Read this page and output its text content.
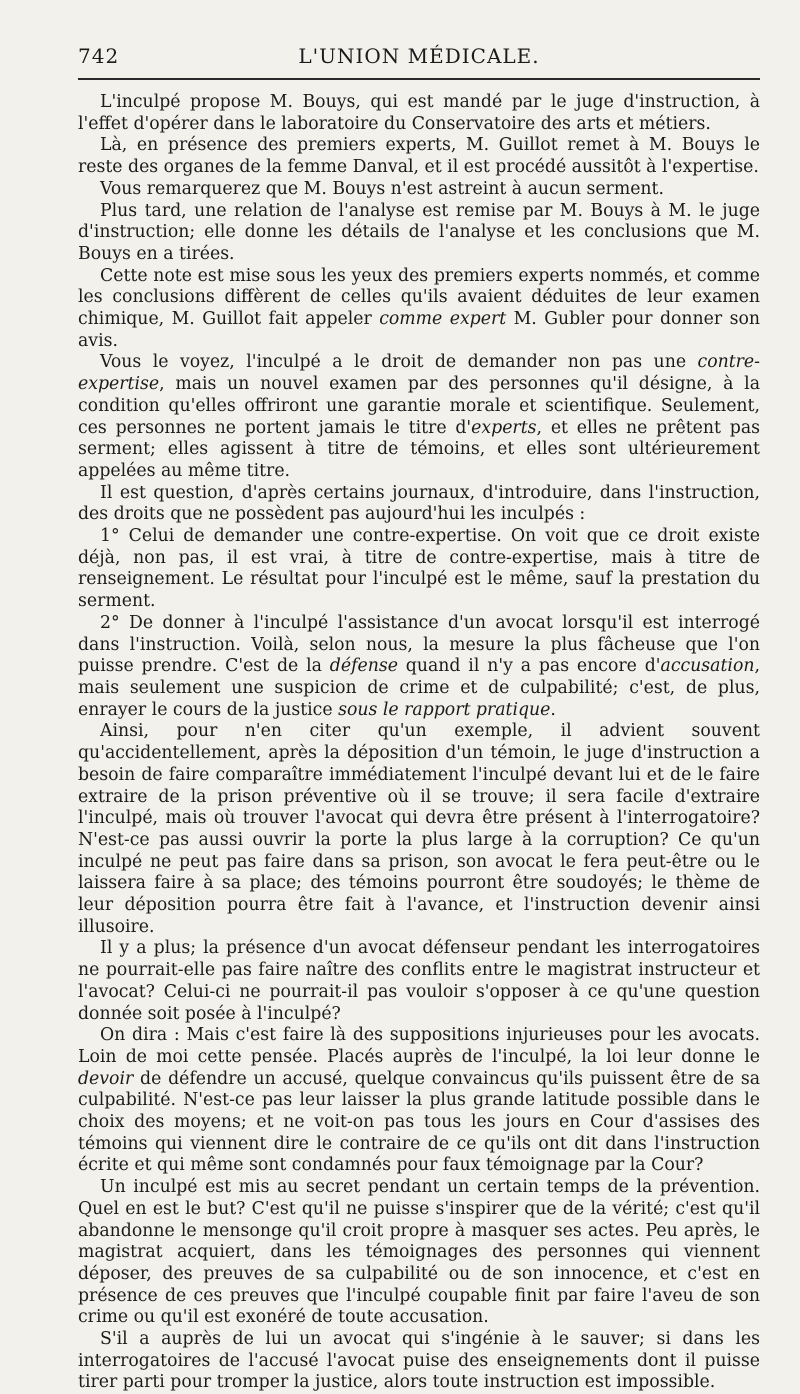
742	L'UNION MÉDICALE.

L'inculpé propose M. Bouys, qui est mandé par le juge d'instruction, à l'effet d'opérer dans le laboratoire du Conservatoire des arts et métiers.

Là, en présence des premiers experts, M. Guillot remet à M. Bouys le reste des organes de la femme Danval, et il est procédé aussitôt à l'expertise.

Vous remarquerez que M. Bouys n'est astreint à aucun serment.

Plus tard, une relation de l'analyse est remise par M. Bouys à M. le juge d'instruction; elle donne les détails de l'analyse et les conclusions que M. Bouys en a tirées.

Cette note est mise sous les yeux des premiers experts nommés, et comme les conclusions diffèrent de celles qu'ils avaient déduites de leur examen chimique, M. Guillot fait appeler comme expert M. Gubler pour donner son avis.

Vous le voyez, l'inculpé a le droit de demander non pas une contre-expertise, mais un nouvel examen par des personnes qu'il désigne, à la condition qu'elles offriront une garantie morale et scientifique. Seulement, ces personnes ne portent jamais le titre d'experts, et elles ne prêtent pas serment; elles agissent à titre de témoins, et elles sont ultérieurement appelées au même titre.

Il est question, d'après certains journaux, d'introduire, dans l'instruction, des droits que ne possèdent pas aujourd'hui les inculpés :

1° Celui de demander une contre-expertise. On voit que ce droit existe déjà, non pas, il est vrai, à titre de contre-expertise, mais à titre de renseignement. Le résultat pour l'inculpé est le même, sauf la prestation du serment.

2° De donner à l'inculpé l'assistance d'un avocat lorsqu'il est interrogé dans l'instruction. Voilà, selon nous, la mesure la plus fâcheuse que l'on puisse prendre. C'est de la défense quand il n'y a pas encore d'accusation, mais seulement une suspicion de crime et de culpabilité; c'est, de plus, enrayer le cours de la justice sous le rapport pratique.

Ainsi, pour n'en citer qu'un exemple, il advient souvent qu'accidentellement, après la déposition d'un témoin, le juge d'instruction a besoin de faire comparaître immédiatement l'inculpé devant lui et de le faire extraire de la prison préventive où il se trouve; il sera facile d'extraire l'inculpé, mais où trouver l'avocat qui devra être présent à l'interrogatoire? N'est-ce pas aussi ouvrir la porte la plus large à la corruption? Ce qu'un inculpé ne peut pas faire dans sa prison, son avocat le fera peut-être ou le laissera faire à sa place; des témoins pourront être soudoyés; le thème de leur déposition pourra être fait à l'avance, et l'instruction devenir ainsi illusoire.

Il y a plus; la présence d'un avocat défenseur pendant les interrogatoires ne pourrait-elle pas faire naître des conflits entre le magistrat instructeur et l'avocat? Celui-ci ne pourrait-il pas vouloir s'opposer à ce qu'une question donnée soit posée à l'inculpé?

On dira : Mais c'est faire là des suppositions injurieuses pour les avocats. Loin de moi cette pensée. Placés auprès de l'inculpé, la loi leur donne le devoir de défendre un accusé, quelque convaincus qu'ils puissent être de sa culpabilité. N'est-ce pas leur laisser la plus grande latitude possible dans le choix des moyens; et ne voit-on pas tous les jours en Cour d'assises des témoins qui viennent dire le contraire de ce qu'ils ont dit dans l'instruction écrite et qui même sont condamnés pour faux témoignage par la Cour?

Un inculpé est mis au secret pendant un certain temps de la prévention. Quel en est le but? C'est qu'il ne puisse s'inspirer que de la vérité; c'est qu'il abandonne le mensonge qu'il croit propre à masquer ses actes. Peu après, le magistrat acquiert, dans les témoignages des personnes qui viennent déposer, des preuves de sa culpabilité ou de son innocence, et c'est en présence de ces preuves que l'inculpé coupable finit par faire l'aveu de son crime ou qu'il est exonéré de toute accusation.

S'il a auprès de lui un avocat qui s'ingénie à le sauver; si dans les interrogatoires de l'accusé l'avocat puise des enseignements dont il puisse tirer parti pour tromper la justice, alors toute instruction est impossible.
